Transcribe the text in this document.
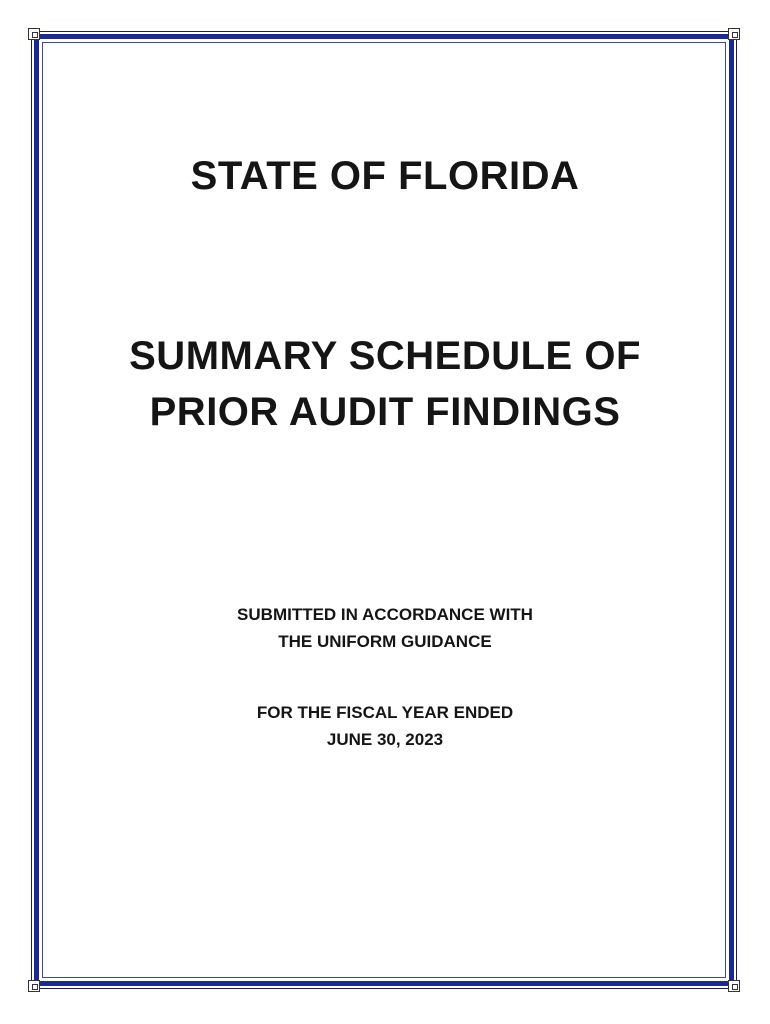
STATE OF FLORIDA
SUMMARY SCHEDULE OF
PRIOR AUDIT FINDINGS
SUBMITTED IN ACCORDANCE WITH
THE UNIFORM GUIDANCE
FOR THE FISCAL YEAR ENDED
JUNE 30, 2023
